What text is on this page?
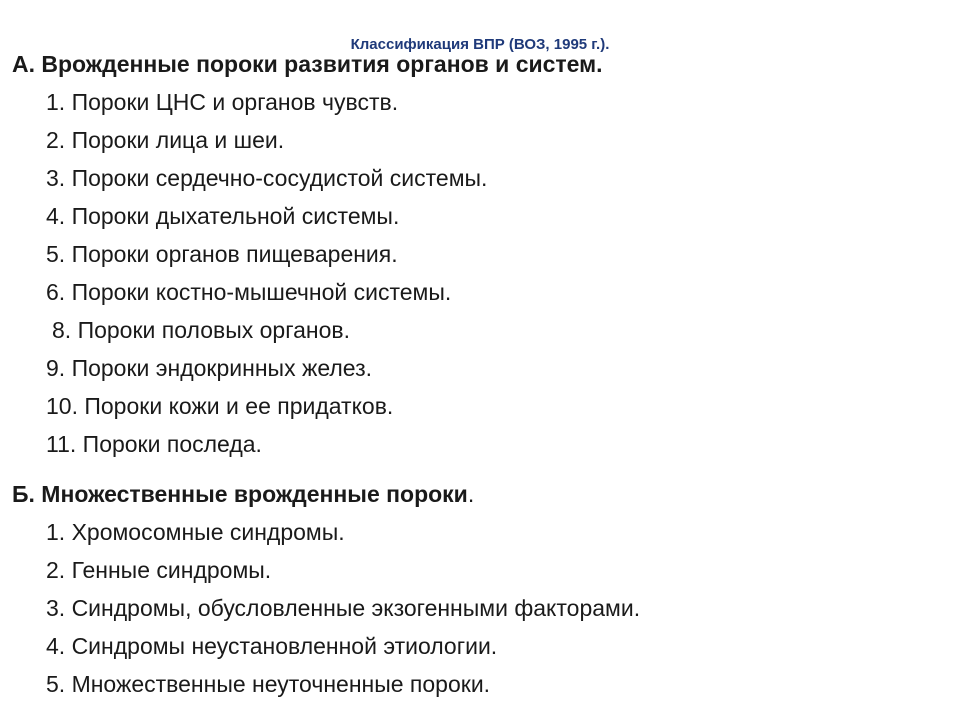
А. Врожденные пороки развития органов и систем.
1. Пороки ЦНС и органов чувств.
2. Пороки лица и шеи.
3. Пороки сердечно-сосудистой системы.
4. Пороки дыхательной системы.
5. Пороки органов пищеварения.
6. Пороки костно-мышечной системы.
8. Пороки половых органов.
9. Пороки эндокринных желез.
10. Пороки кожи и ее придатков.
11. Пороки последа.
Классификация ВПР (ВОЗ, 1995 г.).
Б. Множественные врожденные пороки.
1. Хромосомные синдромы.
2. Генные синдромы.
3. Синдромы, обусловленные экзогенными факторами.
4. Синдромы неустановленной этиологии.
5. Множественные неуточненные пороки.
